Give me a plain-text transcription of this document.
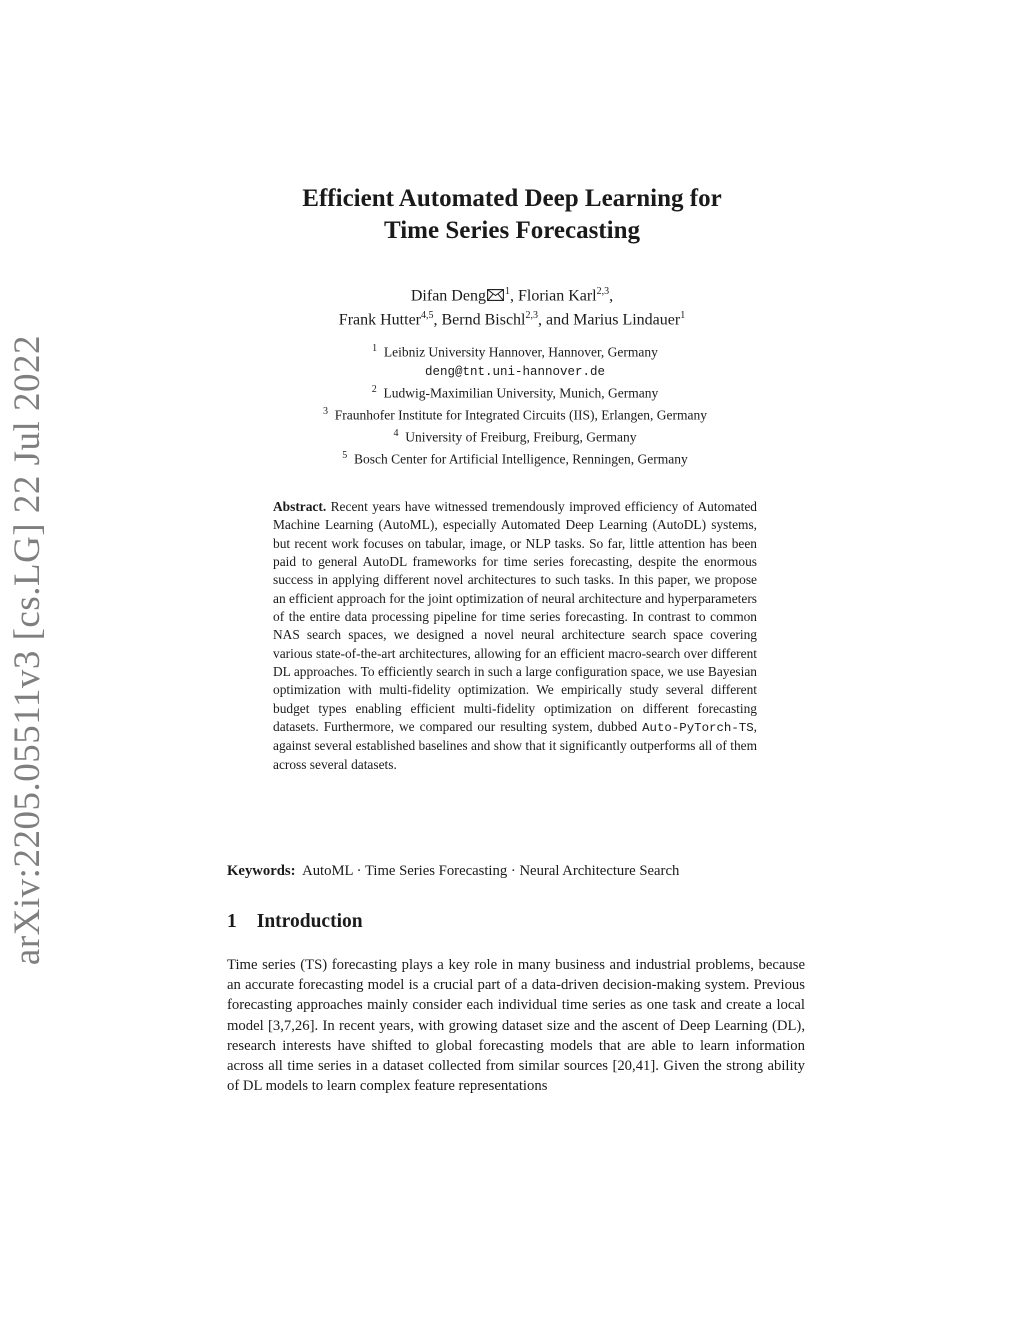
arXiv:2205.05511v3 [cs.LG] 22 Jul 2022
Efficient Automated Deep Learning for
Time Series Forecasting
Difan Deng $^1$, Florian Karl$^{2,3}$,
Frank Hutter$^{4,5}$, Bernd Bischl$^{2,3}$, and Marius Lindauer$^1$
$^1$ Leibniz University Hannover, Hannover, Germany
deng@tnt.uni-hannover.de
$^2$ Ludwig-Maximilian University, Munich, Germany
$^3$ Fraunhofer Institute for Integrated Circuits (IIS), Erlangen, Germany
$^4$ University of Freiburg, Freiburg, Germany
$^5$ Bosch Center for Artificial Intelligence, Renningen, Germany
Abstract. Recent years have witnessed tremendously improved efficiency of Automated Machine Learning (AutoML), especially Automated Deep Learning (AutoDL) systems, but recent work focuses on tabular, image, or NLP tasks. So far, little attention has been paid to general AutoDL frameworks for time series forecasting, despite the enormous success in applying different novel architectures to such tasks. In this paper, we propose an efficient approach for the joint optimization of neural architecture and hyperparameters of the entire data processing pipeline for time series forecasting. In contrast to common NAS search spaces, we designed a novel neural architecture search space covering various state-of-the-art architectures, allowing for an efficient macro-search over different DL approaches. To efficiently search in such a large configuration space, we use Bayesian optimization with multi-fidelity optimization. We empirically study several different budget types enabling efficient multi-fidelity optimization on different forecasting datasets. Furthermore, we compared our resulting system, dubbed Auto-PyTorch-TS, against several established baselines and show that it significantly outperforms all of them across several datasets.
Keywords: AutoML · Time Series Forecasting · Neural Architecture Search
1 Introduction
Time series (TS) forecasting plays a key role in many business and industrial problems, because an accurate forecasting model is a crucial part of a data-driven decision-making system. Previous forecasting approaches mainly consider each individual time series as one task and create a local model [3,7,26]. In recent years, with growing dataset size and the ascent of Deep Learning (DL), research interests have shifted to global forecasting models that are able to learn information across all time series in a dataset collected from similar sources [20,41]. Given the strong ability of DL models to learn complex feature representations
